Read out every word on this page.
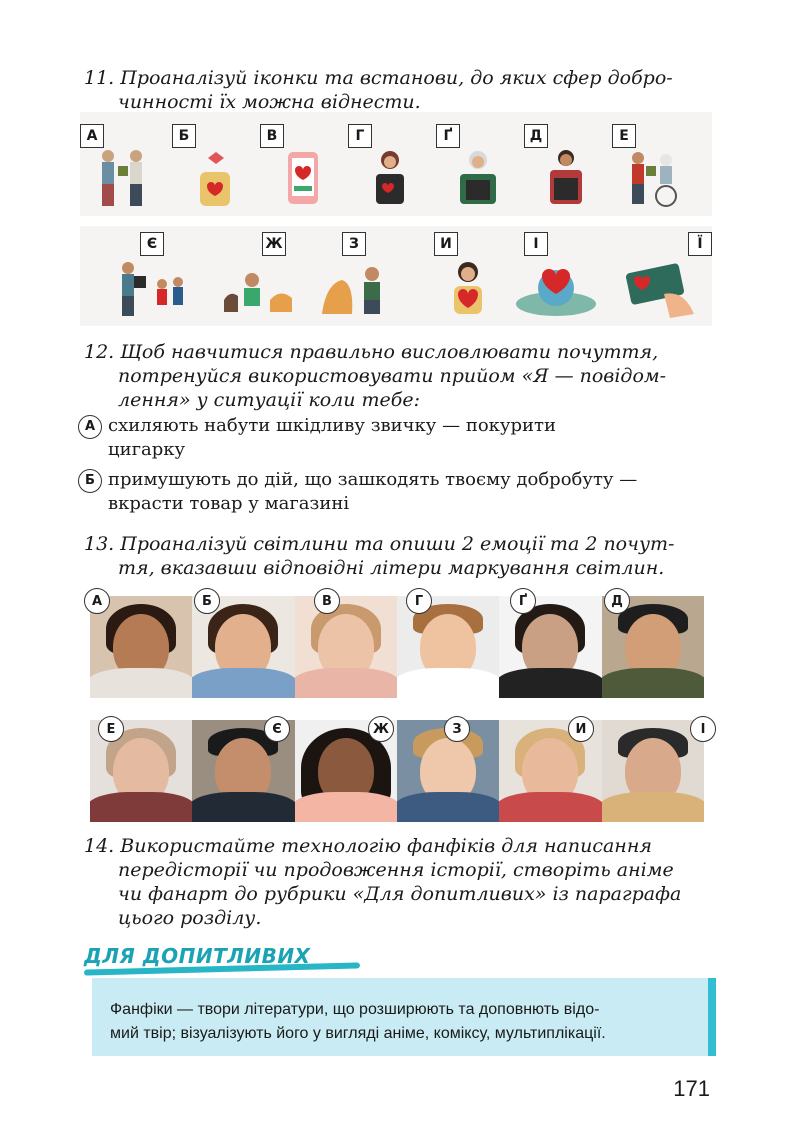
11. Проаналізуй іконки та встанови, до яких сфер добро-

чинності їх можна віднести.

А	Б	В	Г	Ґ	Д	Е
Є	Ж	З	И	І	Ї

12. Щоб навчитися правильно висловлювати почуття,

потренуйся використовувати прийом «Я — повідом-

лення» у ситуації коли тебе:

А схиляють набути шкідливу звичку — покурити
цигарку
Б примушують до дій, що зашкодять твоєму добробуту —
вкрасти товар у магазині

13. Проаналізуй світлини та опиши 2 емоції та 2 почут-

тя, вказавши відповідні літери маркування світлин.

А	Б	В	Г	Ґ	Д
Е	Є	Ж	З	И	І

14. Використайте технологію фанфіків для написання

передісторії чи продовження історії, створіть аніме

чи фанарт до рубрики «Для допитливих» із параграфа

цього розділу.

ДЛЯ ДОПИТЛИВИХ
Фанфіки — твори літератури, що розширюють та доповнють відо-
мий твір; візуалізують його у вигляді аніме, коміксу, мультиплікації.
171
